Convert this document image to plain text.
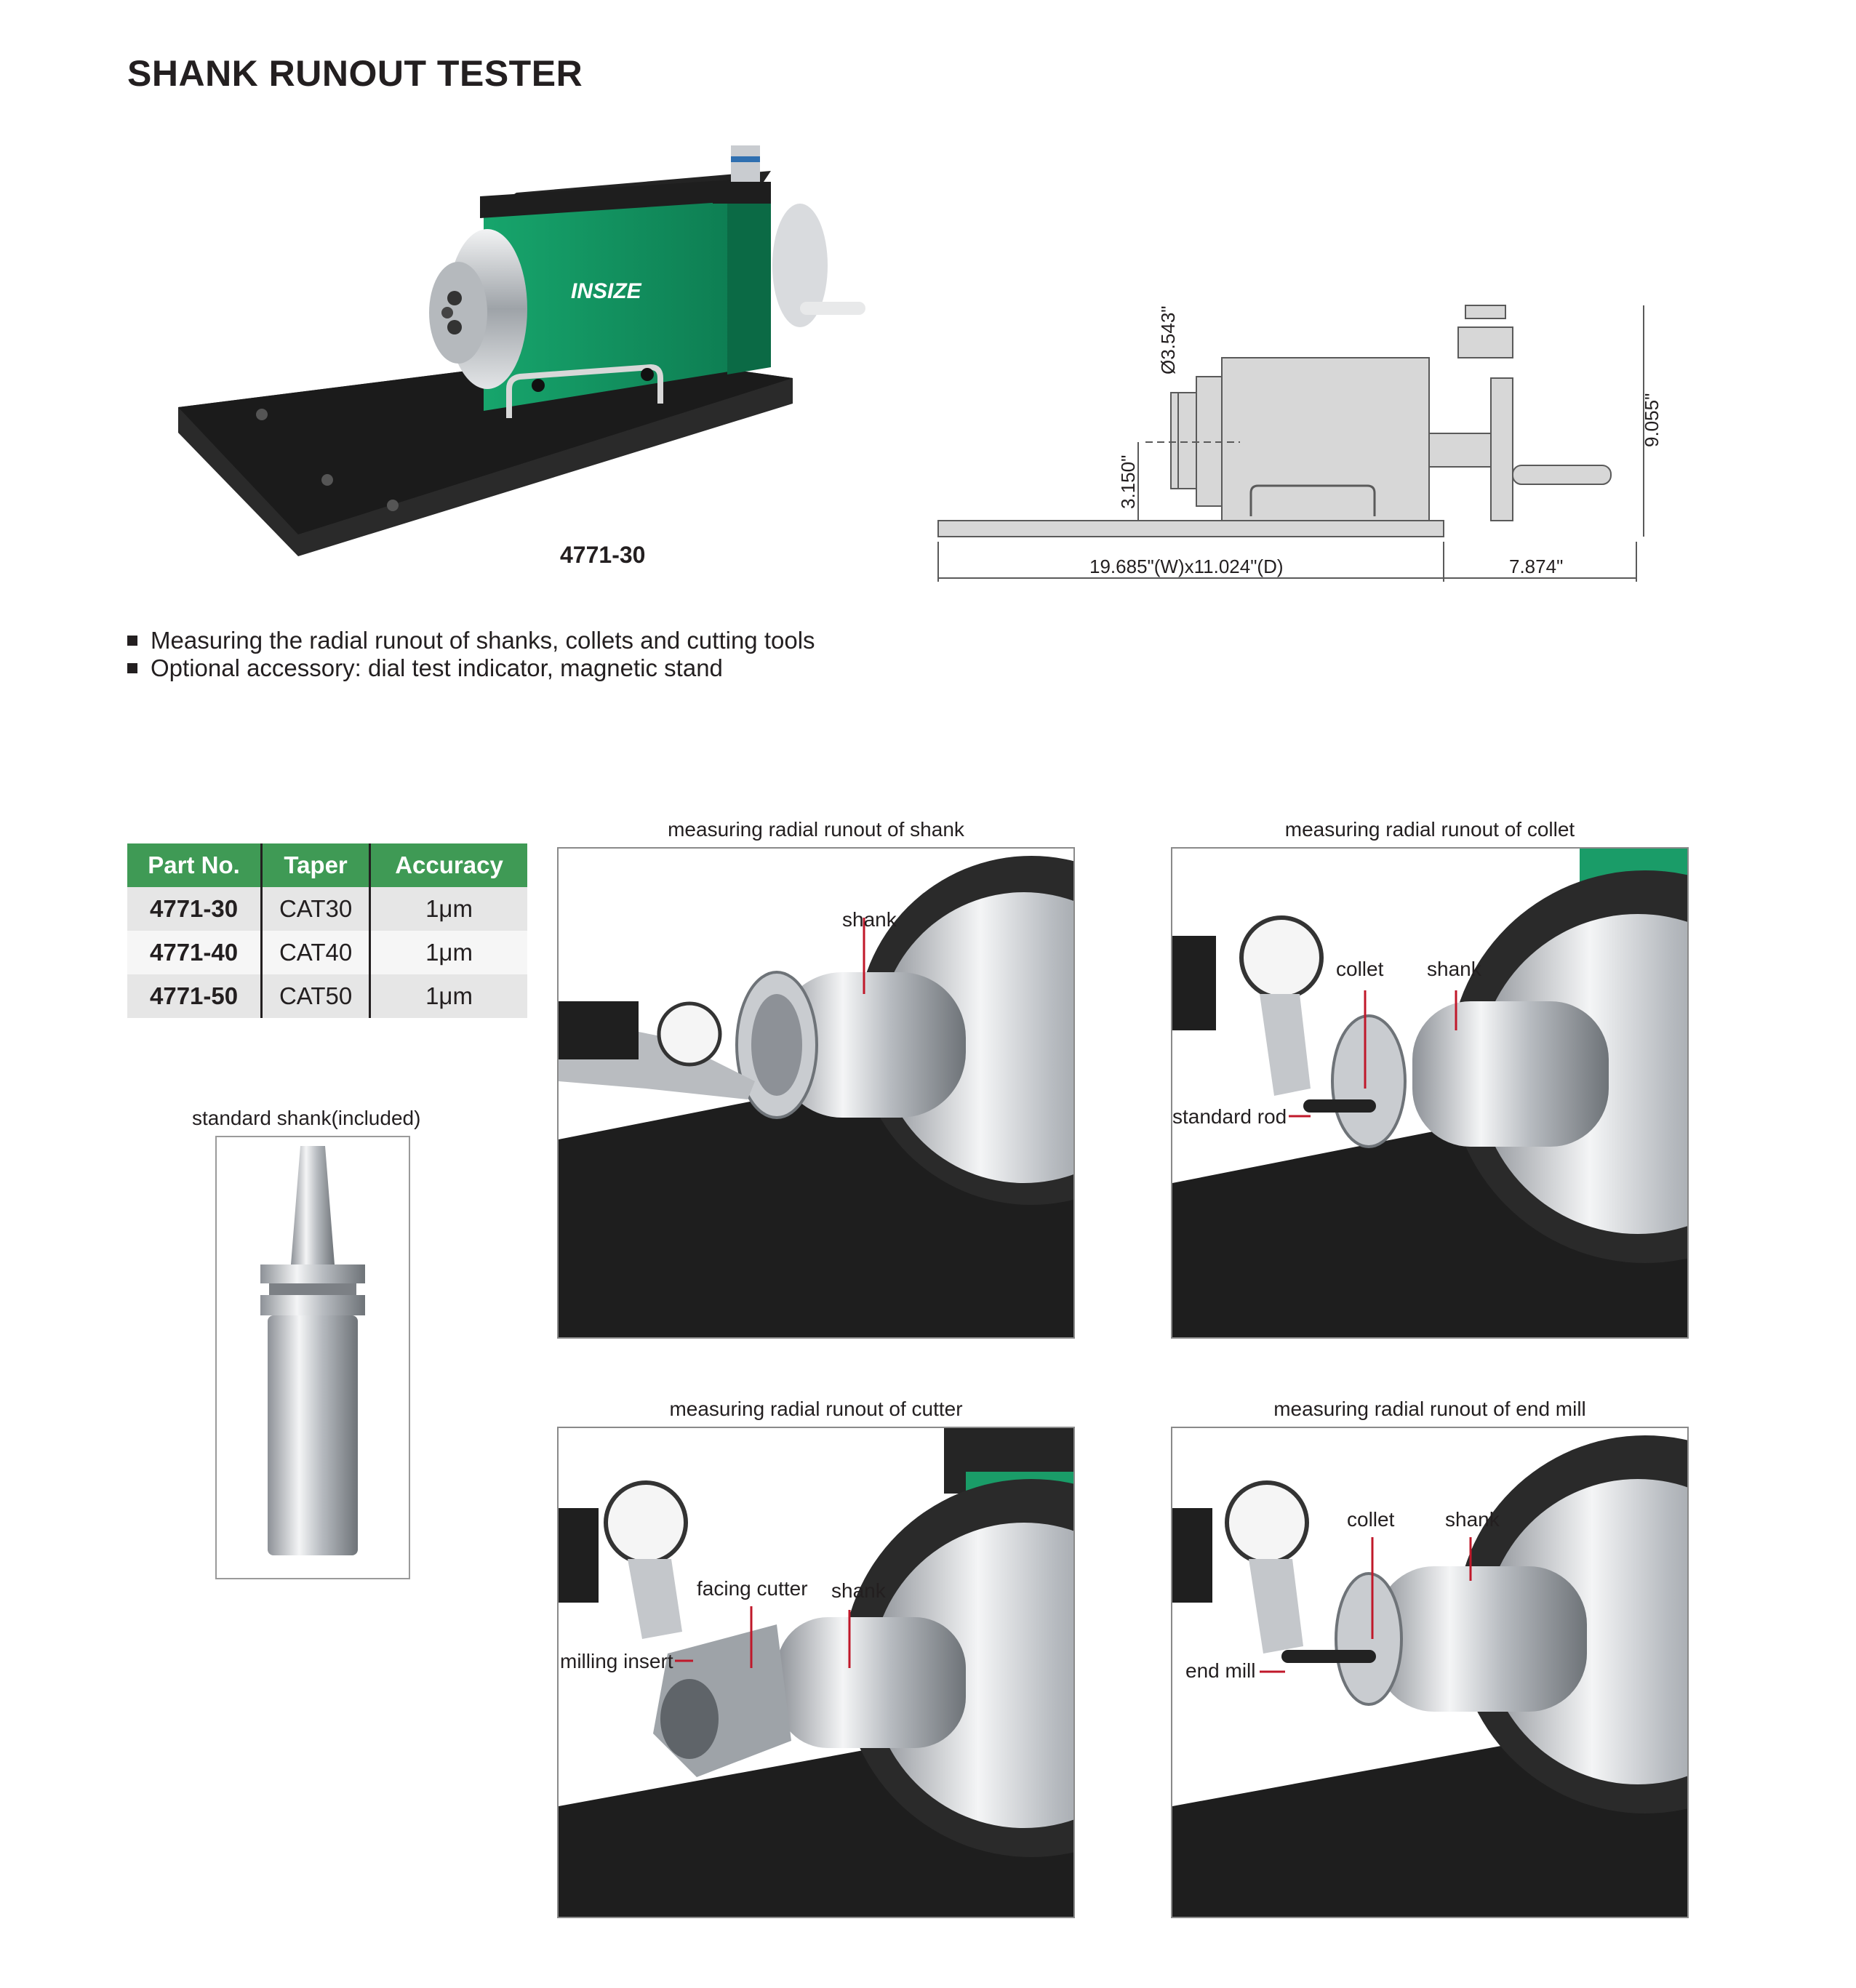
SHANK RUNOUT TESTER
INSIZE
4771-30
Ø3.543"
3.150"
9.055"
19.685"(W)x11.024"(D)	7.874"
Measuring the radial runout of shanks, collets and cutting tools
Optional accessory: dial test indicator, magnetic stand
Part No.	Taper	Accuracy
4771-30	CAT30	1μm
4771-40	CAT40	1μm
4771-50	CAT50	1μm
standard shank(included)
measuring radial runout of shank
shank
measuring radial runout of collet
collet shank
standard rod
measuring radial runout of cutter
facing cutter shank
milling insert
measuring radial runout of end mill
collet shank
end mill
